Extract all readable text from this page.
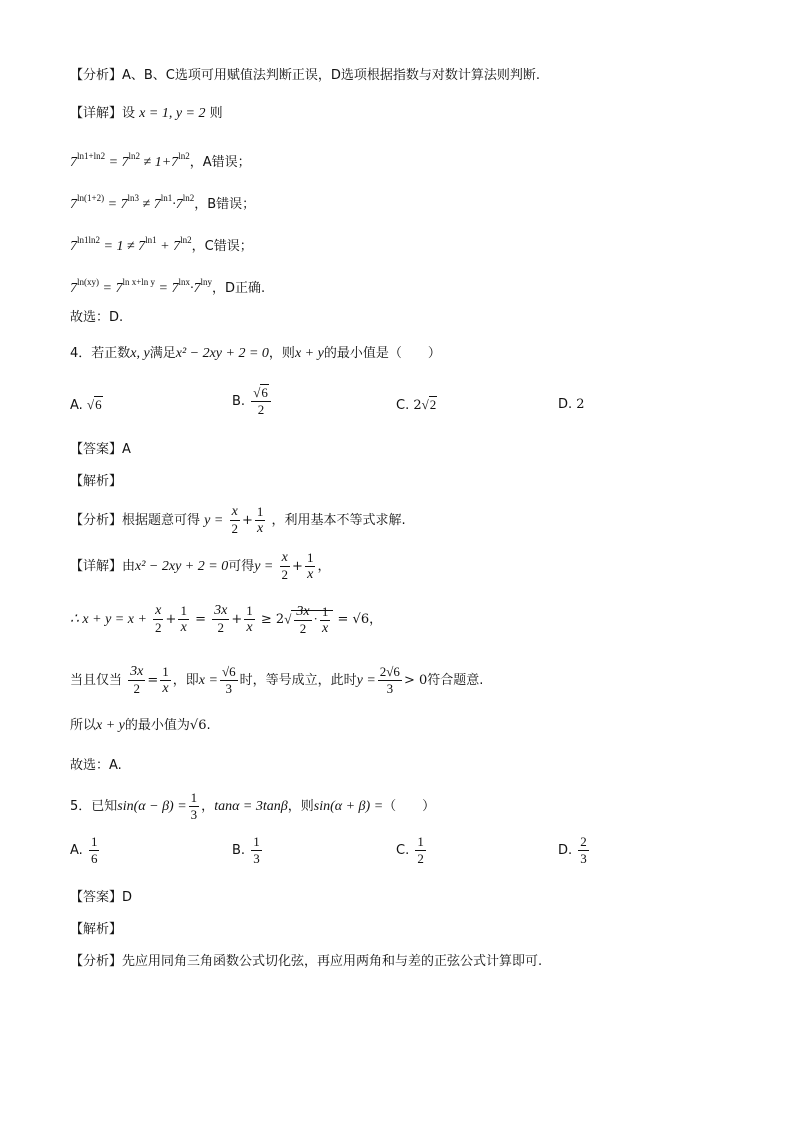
【分析】A、B、C选项可用赋值法判断正误，D选项根据指数与对数计算法则判断.
【详解】设 x = 1, y = 2 则
$7^{ln1+ln2} = 7^{ln2} \ne 1+7^{ln2}$，A错误；
$7^{ln(1+2)} = 7^{ln3} \ne 7^{ln1}\cdot 7^{ln2}$，B错误；
$7^{ln1ln2} = 1 \ne 7^{ln1} + 7^{ln2}$，C错误；
$7^{ln(xy)} = 7^{ln x+ln y} = 7^{lnx}\cdot 7^{lny}$，D正确.
故选：D.
4．若正数x, y满足x² − 2xy + 2 = 0，则x + y的最小值是（　　）
A. √6	B. $\frac{√6}{2}$	C. 2√2	D. 2
【答案】A
【解析】
【分析】根据题意可得 $y = \frac{x}{2} + \frac{1}{x}$ ，利用基本不等式求解.
【详解】由x² − 2xy + 2 = 0可得$y = \frac{x}{2} + \frac{1}{x}$ ，
∴ $x + y = x + \frac{x}{2} + \frac{1}{x} = \frac{3x}{2} + \frac{1}{x} \ge 2√ \frac{3x}{2} \cdot \frac{1}{x} = √6$，
当且仅当 $\frac{3x}{2} = \frac{1}{x}$ ，即$x = \frac{√6}{3}$ 时，等号成立，此时$y = \frac{2√6}{3} > 0$符合题意.
所以x + y的最小值为√6.
故选：A.
5．已知$\sin(\alpha - \beta) = \frac{1}{3}$ ，tanα = 3tanβ，则sin(α + β) =（　　）
A. $\frac{1}{6}$	B. $\frac{1}{3}$	C. $\frac{1}{2}$	D. $\frac{2}{3}$
【答案】D
【解析】
【分析】先应用同角三角函数公式切化弦，再应用两角和与差的正弦公式计算即可.
